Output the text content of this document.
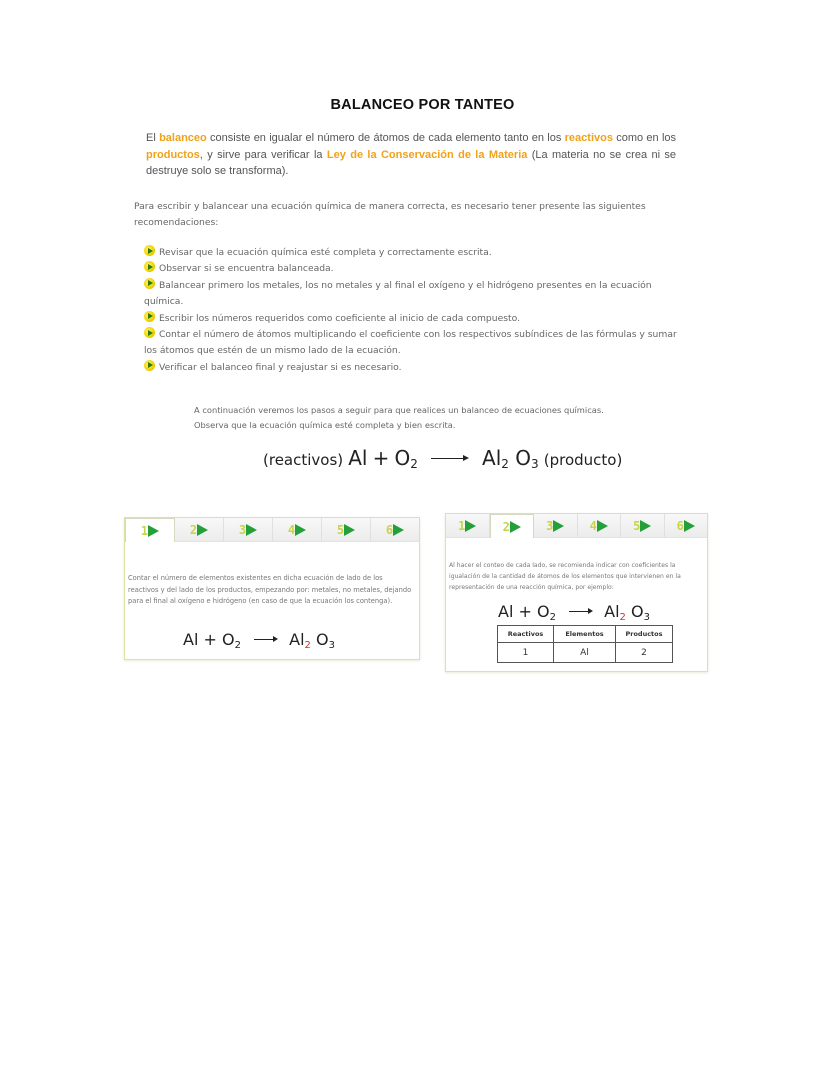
BALANCEO POR TANTEO
El balanceo consiste en igualar el número de átomos de cada elemento tanto en los reactivos como en los productos, y sirve para verificar la Ley de la Conservación de la Materia (La materia no se crea ni se destruye solo se transforma).
Para escribir y balancear una ecuación química de manera correcta, es necesario tener presente las siguientes recomendaciones:
Revisar que la ecuación química esté completa y correctamente escrita.
Observar si se encuentra balanceada.
Balancear primero los metales, los no metales y al final el oxígeno y el hidrógeno presentes en la ecuación química.
Escribir los números requeridos como coeficiente al inicio de cada compuesto.
Contar el número de átomos multiplicando el coeficiente con los respectivos subíndices de las fórmulas y sumar los átomos que estén de un mismo lado de la ecuación.
Verificar el balanceo final y reajustar si es necesario.
A continuación veremos los pasos a seguir para que realices un balanceo de ecuaciones químicas.
Observa que la ecuación química esté completa y bien escrita.
(reactivos) $Al + O_2 \to Al_2$ $O_3$ (producto)
1	2	3	4	5	6
Contar el número de elementos existentes en dicha ecuación de lado de los reactivos y del lado de los productos, empezando por: metales, no metales, dejando para el final al oxígeno e hidrógeno (en caso de que la ecuación los contenga).
$Al + O_2 \to Al_2$ $O_3$
1	2	3	4	5	6
Al hacer el conteo de cada lado, se recomienda indicar con coeficientes la igualación de la cantidad de átomos de los elementos que intervienen en la representación de una reacción química, por ejemplo:
$Al + O_2 \to Al_2$ $O_3$
Reactivos	Elementos	Productos
1	Al	2
